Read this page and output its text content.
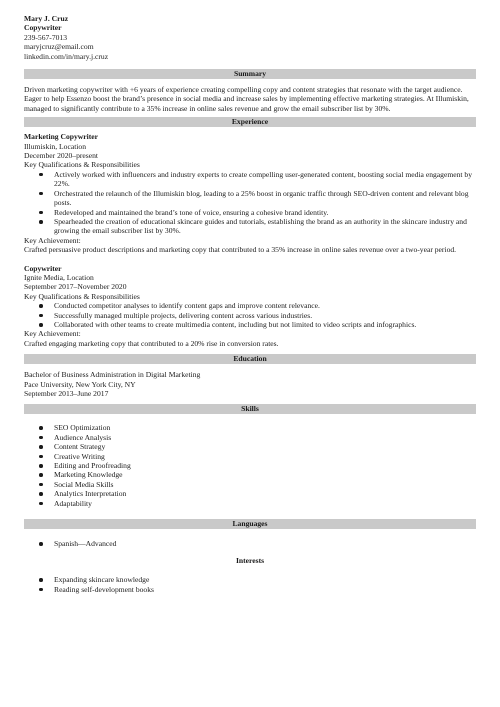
Mary J. Cruz
Copywriter
239-567-7013
maryjcruz@email.com
linkedin.com/in/mary.j.cruz
Summary

Driven marketing copywriter with +6 years of experience creating compelling copy and content strategies that resonate with the target audience. Eager to help Essenzo boost the brand’s presence in social media and increase sales by implementing effective marketing strategies. At Illumiskin, managed to significantly contribute to a 35% increase in online sales revenue and grow the email subscriber list by 30%.

Experience
Marketing Copywriter
Illumiskin, Location
December 2020–present
Key Qualifications & Responsibilities
Actively worked with influencers and industry experts to create compelling user-generated content, boosting social media engagement by 22%.
Orchestrated the relaunch of the Illumiskin blog, leading to a 25% boost in organic traffic through SEO-driven content and relevant blog posts.
Redeveloped and maintained the brand’s tone of voice, ensuring a cohesive brand identity.
Spearheaded the creation of educational skincare guides and tutorials, establishing the brand as an authority in the skincare industry and growing the email subscriber list by 30%.
Key Achievement:
Crafted persuasive product descriptions and marketing copy that contributed to a 35% increase in online sales revenue over a two-year period.
Copywriter
Ignite Media, Location
September 2017–November 2020
Key Qualifications & Responsibilities
Conducted competitor analyses to identify content gaps and improve content relevance.
Successfully managed multiple projects, delivering content across various industries.
Collaborated with other teams to create multimedia content, including but not limited to video scripts and infographics.
Key Achievement:
Crafted engaging marketing copy that contributed to a 20% rise in conversion rates.
Education
Bachelor of Business Administration in Digital Marketing
Pace University, New York City, NY
September 2013–June 2017
Skills
SEO Optimization
Audience Analysis
Content Strategy
Creative Writing
Editing and Proofreading
Marketing Knowledge
Social Media Skills
Analytics Interpretation
Adaptability
Languages
Spanish—Advanced
Interests
Expanding skincare knowledge
Reading self-development books
